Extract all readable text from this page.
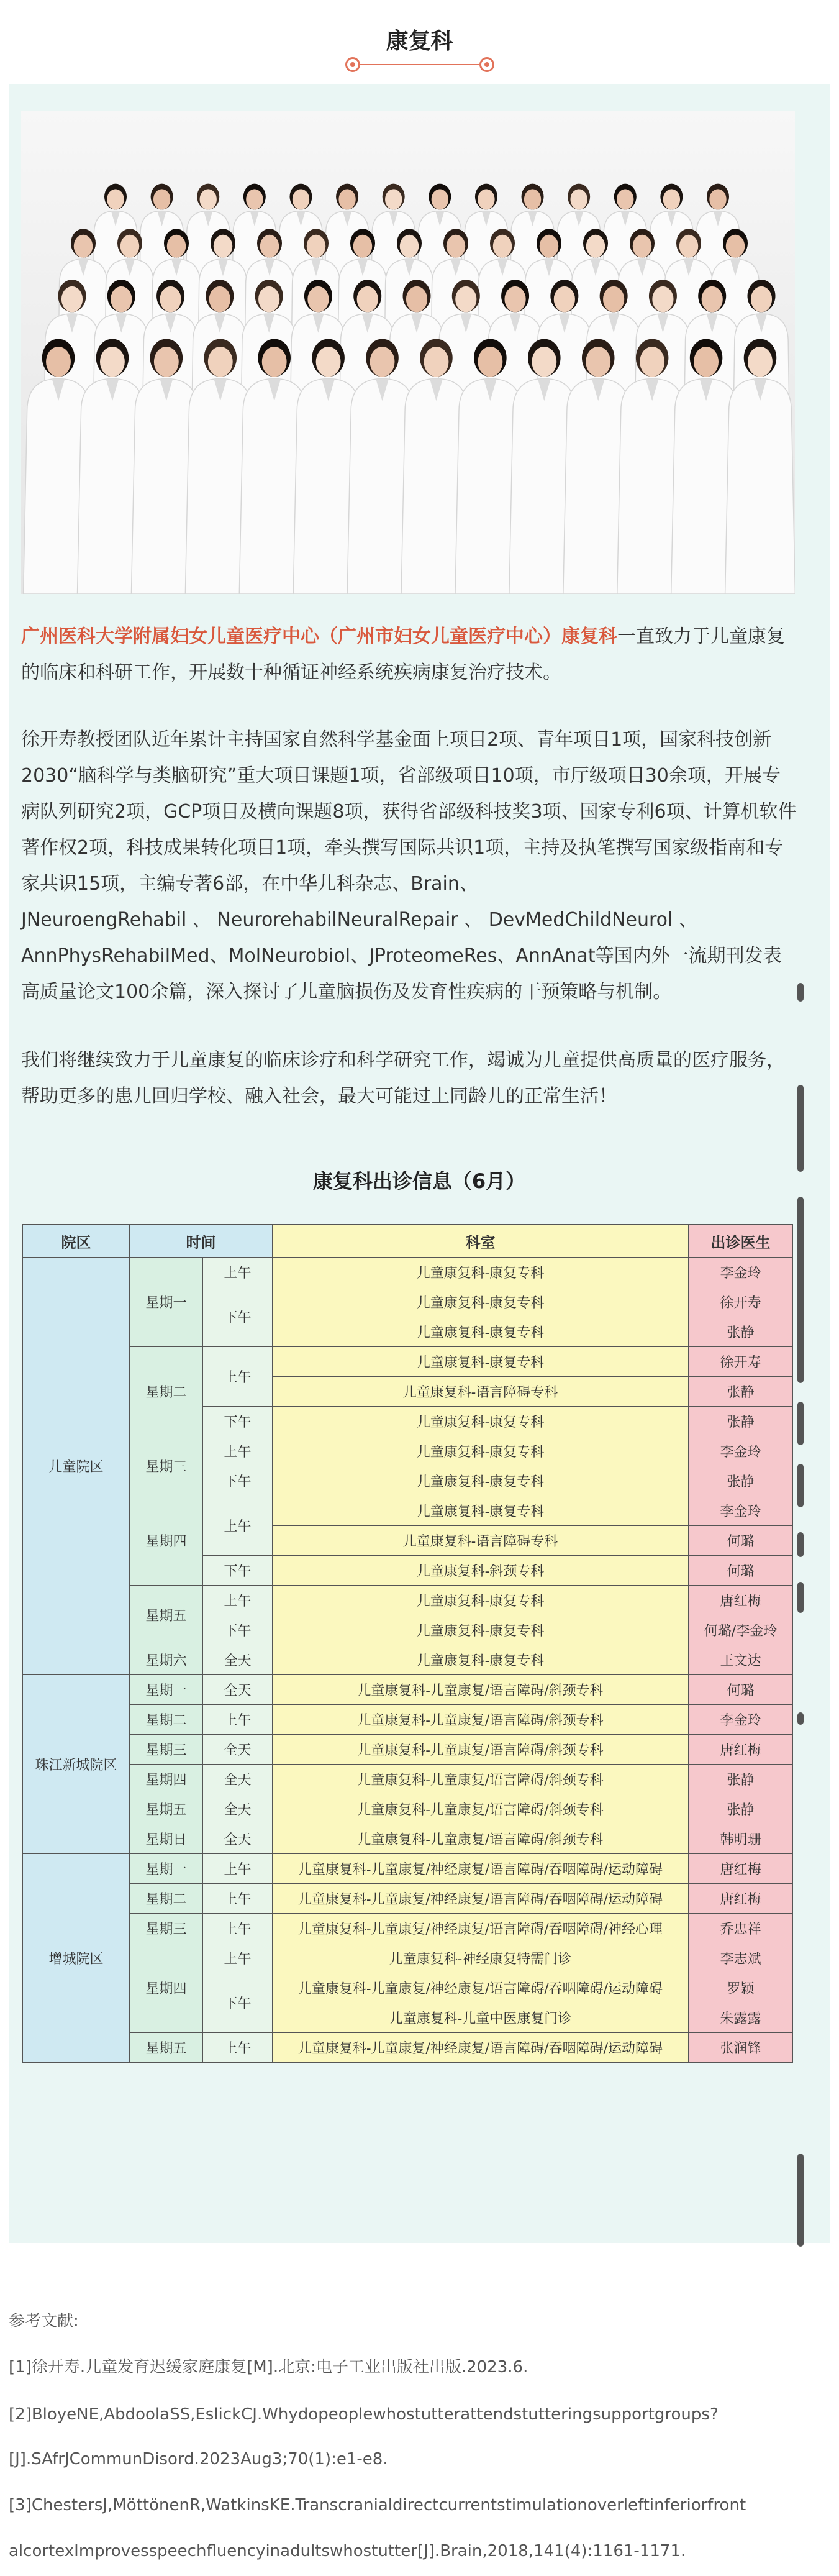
康复科

广州医科大学附属妇女儿童医疗中心（广州市妇女儿童医疗中心）康复科一直致力于儿童康复的临床和科研工作，开展数十种循证神经系统疾病康复治疗技术。

徐开寿教授团队近年累计主持国家自然科学基金面上项目2项、青年项目1项，国家科技创新2030“脑科学与类脑研究”重大项目课题1项，省部级项目10项，市厅级项目30余项，开展专病队列研究2项，GCP项目及横向课题8项，获得省部级科技奖3项、国家专利6项、计算机软件著作权2项，科技成果转化项目1项，牵头撰写国际共识1项，主持及执笔撰写国家级指南和专家共识15项，主编专著6部，在中华儿科杂志、Brain、
JNeuroengRehabil 、 NeurorehabilNeuralRepair 、 DevMedChildNeurol 、
AnnPhysRehabilMed、MolNeurobiol、JProteomeRes、AnnAnat等国内外一流期刊发表高质量论文100余篇，深入探讨了儿童脑损伤及发育性疾病的干预策略与机制。

我们将继续致力于儿童康复的临床诊疗和科学研究工作，竭诚为儿童提供高质量的医疗服务，帮助更多的患儿回归学校、融入社会，最大可能过上同龄儿的正常生活！

康复科出诊信息（6月）
院区	时间		科室	出诊医生
儿童院区	星期一	上午	儿童康复科-康复专科	李金玲
		下午	儿童康复科-康复专科	徐开寿
			儿童康复科-康复专科	张静
	星期二	上午	儿童康复科-康复专科	徐开寿
			儿童康复科-语言障碍专科	张静
		下午	儿童康复科-康复专科	张静
	星期三	上午	儿童康复科-康复专科	李金玲
		下午	儿童康复科-康复专科	张静
	星期四	上午	儿童康复科-康复专科	李金玲
			儿童康复科-语言障碍专科	何璐
		下午	儿童康复科-斜颈专科	何璐
	星期五	上午	儿童康复科-康复专科	唐红梅
		下午	儿童康复科-康复专科	何璐/李金玲
	星期六	全天	儿童康复科-康复专科	王文达
珠江新城院区	星期一	全天	儿童康复科-儿童康复/语言障碍/斜颈专科	何璐
	星期二	上午	儿童康复科-儿童康复/语言障碍/斜颈专科	李金玲
	星期三	全天	儿童康复科-儿童康复/语言障碍/斜颈专科	唐红梅
	星期四	全天	儿童康复科-儿童康复/语言障碍/斜颈专科	张静
	星期五	全天	儿童康复科-儿童康复/语言障碍/斜颈专科	张静
	星期日	全天	儿童康复科-儿童康复/语言障碍/斜颈专科	韩明珊
增城院区	星期一	上午	儿童康复科-儿童康复/神经康复/语言障碍/吞咽障碍/运动障碍	唐红梅
	星期二	上午	儿童康复科-儿童康复/神经康复/语言障碍/吞咽障碍/运动障碍	唐红梅
	星期三	上午	儿童康复科-儿童康复/神经康复/语言障碍/吞咽障碍/神经心理	乔忠祥
	星期四	上午	儿童康复科-神经康复特需门诊	李志斌
		下午	儿童康复科-儿童康复/神经康复/语言障碍/吞咽障碍/运动障碍	罗颖
			儿童康复科-儿童中医康复门诊	朱露露
	星期五	上午	儿童康复科-儿童康复/神经康复/语言障碍/吞咽障碍/运动障碍	张润锋
参考文献:
[1]徐开寿.儿童发育迟缓家庭康复[M].北京:电子工业出版社出版.2023.6.
[2]BloyeNE,AbdoolaSS,EslickCJ.Whydopeoplewhostutterattendstutteringsupportgroups?
[J].SAfrJCommunDisord.2023Aug3;70(1):e1-e8.
[3]ChestersJ,MöttönenR,WatkinsKE.Transcranialdirectcurrentstimulationoverleftinferiorfront
alcortexImprovesspeechfluencyinadultswhostutter[J].Brain,2018,141(4):1161-1171.
